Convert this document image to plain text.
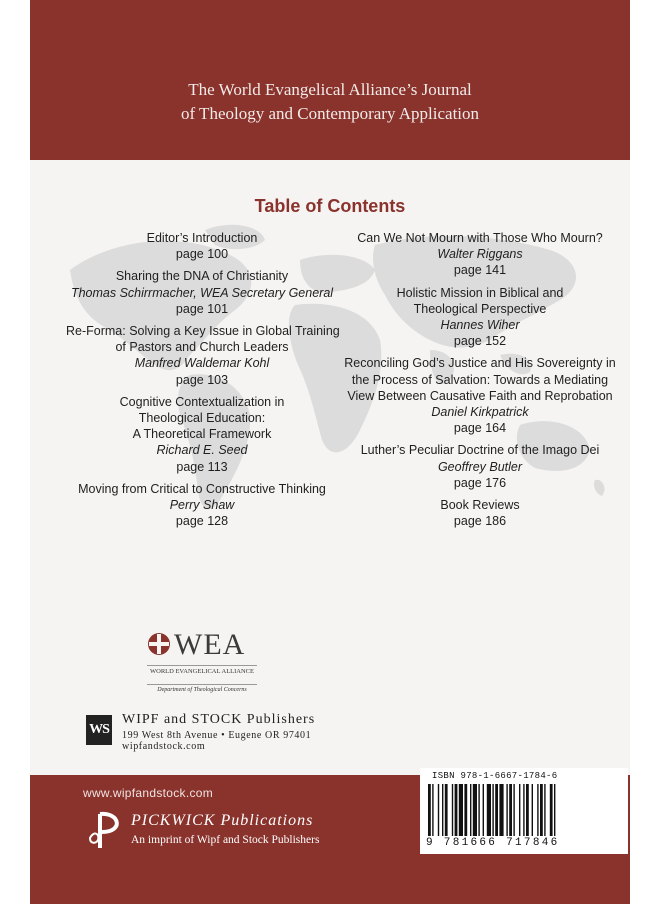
The World Evangelical Alliance’s Journal
of Theology and Contemporary Application
Table of Contents
Editor’s Introduction
page 100
Sharing the DNA of Christianity
Thomas Schirrmacher, WEA Secretary General
page 101
Re-Forma: Solving a Key Issue in Global Training
of Pastors and Church Leaders
Manfred Waldemar Kohl
page 103
Cognitive Contextualization in
Theological Education:
A Theoretical Framework
Richard E. Seed
page 113
Moving from Critical to Constructive Thinking
Perry Shaw
page 128
Can We Not Mourn with Those Who Mourn?
Walter Riggans
page 141
Holistic Mission in Biblical and
Theological Perspective
Hannes Wiher
page 152
Reconciling God’s Justice and His Sovereignty in
the Process of Salvation: Towards a Mediating
View Between Causative Faith and Reprobation
Daniel Kirkpatrick
page 164
Luther’s Peculiar Doctrine of the Imago Dei
Geoffrey Butler
page 176
Book Reviews
page 186
WEA
WORLD EVANGELICAL ALLIANCE
Department of Theological Concerns
WS
WIPF and STOCK Publishers
199 West 8th Avenue • Eugene OR 97401
wipfandstock.com
www.wipfandstock.com
PICKWICK Publications
An imprint of Wipf and Stock Publishers
ISBN 978-1-6667-1784-6
9 781666 717846
